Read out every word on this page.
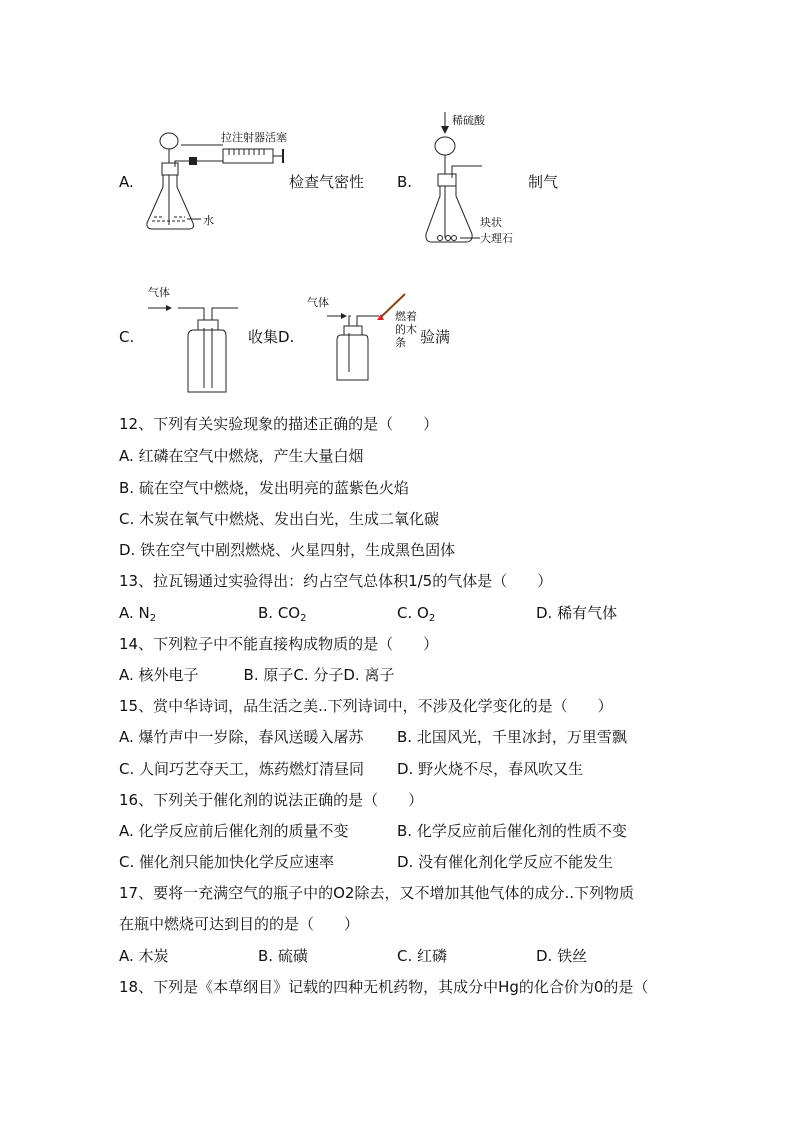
拉注射器活塞
水
A.	检查气密性
稀硫酸
块状
大理石
B.	制气
气体
C.	收集 D.
气体
燃着
的木
条 验满
12、下列有关实验现象的描述正确的是（　　）
A. 红磷在空气中燃烧，产生大量白烟
B. 硫在空气中燃烧，发出明亮的蓝紫色火焰
C. 木炭在氧气中燃烧、发出白光，生成二氧化碳
D. 铁在空气中剧烈燃烧、火星四射，生成黑色固体
13、拉瓦锡通过实验得出：约占空气总体积1/5的气体是（　　）
A. $N_2$	B. $CO_2$	C. $O_2$	D. 稀有气体
14、下列粒子中不能直接构成物质的是（　　）
A. 核外电子　　　B. 原子C. 分子D. 离子
15、赏中华诗词，品生活之美..下列诗词中，不涉及化学变化的是（　　）
A. 爆竹声中一岁除，春风送暖入屠苏 B. 北国风光，千里冰封，万里雪飘
C. 人间巧艺夺天工，炼药燃灯清昼同 D. 野火烧不尽，春风吹又生
16、下列关于催化剂的说法正确的是（　　）
A. 化学反应前后催化剂的质量不变	B. 化学反应前后催化剂的性质不变
C. 催化剂只能加快化学反应速率	D. 没有催化剂化学反应不能发生
17、要将一充满空气的瓶子中的O2除去，又不增加其他气体的成分..下列物质
在瓶中燃烧可达到目的的是（　　）
A. 木炭	B. 硫磺	C. 红磷	D. 铁丝
18、下列是《本草纲目》记载的四种无机药物，其成分中Hg的化合价为0的是（
